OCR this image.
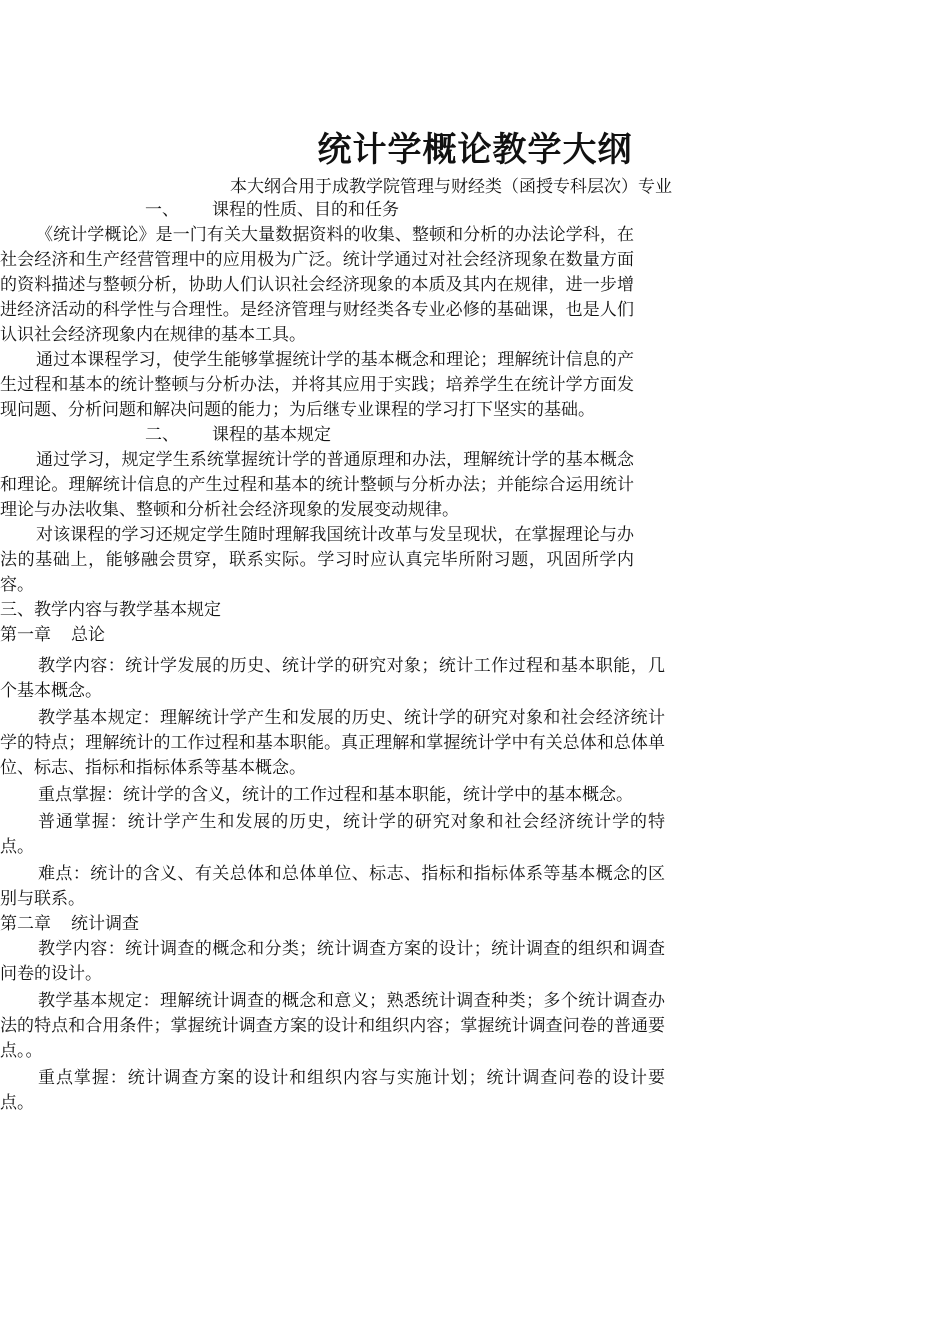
统计学概论教学大纲

本大纲合用于成教学院管理与财经类（函授专科层次）专业

一、 课程的性质、目的和任务

《统计学概论》是一门有关大量数据资料的收集、整顿和分析的办法论学科，在社会经济和生产经营管理中的应用极为广泛。统计学通过对社会经济现象在数量方面的资料描述与整顿分析，协助人们认识社会经济现象的本质及其内在规律，进一步增进经济活动的科学性与合理性。是经济管理与财经类各专业必修的基础课，也是人们认识社会经济现象内在规律的基本工具。

通过本课程学习，使学生能够掌握统计学的基本概念和理论；理解统计信息的产生过程和基本的统计整顿与分析办法，并将其应用于实践；培养学生在统计学方面发现问题、分析问题和解决问题的能力；为后继专业课程的学习打下坚实的基础。

二、 课程的基本规定

通过学习，规定学生系统掌握统计学的普通原理和办法，理解统计学的基本概念和理论。理解统计信息的产生过程和基本的统计整顿与分析办法；并能综合运用统计理论与办法收集、整顿和分析社会经济现象的发展变动规律。

对该课程的学习还规定学生随时理解我国统计改革与发呈现状，在掌握理论与办法的基础上，能够融会贯穿，联系实际。学习时应认真完毕所附习题，巩固所学内容。

三、教学内容与教学基本规定

第一章 总论

教学内容：统计学发展的历史、统计学的研究对象；统计工作过程和基本职能，几个基本概念。

教学基本规定：理解统计学产生和发展的历史、统计学的研究对象和社会经济统计学的特点；理解统计的工作过程和基本职能。真正理解和掌握统计学中有关总体和总体单位、标志、指标和指标体系等基本概念。

重点掌握：统计学的含义，统计的工作过程和基本职能，统计学中的基本概念。

普通掌握：统计学产生和发展的历史，统计学的研究对象和社会经济统计学的特点。

难点：统计的含义、有关总体和总体单位、标志、指标和指标体系等基本概念的区别与联系。

第二章 统计调查

教学内容：统计调查的概念和分类；统计调查方案的设计；统计调查的组织和调查问卷的设计。

教学基本规定：理解统计调查的概念和意义；熟悉统计调查种类；多个统计调查办法的特点和合用条件；掌握统计调查方案的设计和组织内容；掌握统计调查问卷的普通要点。。

重点掌握：统计调查方案的设计和组织内容与实施计划；统计调查问卷的设计要点。
